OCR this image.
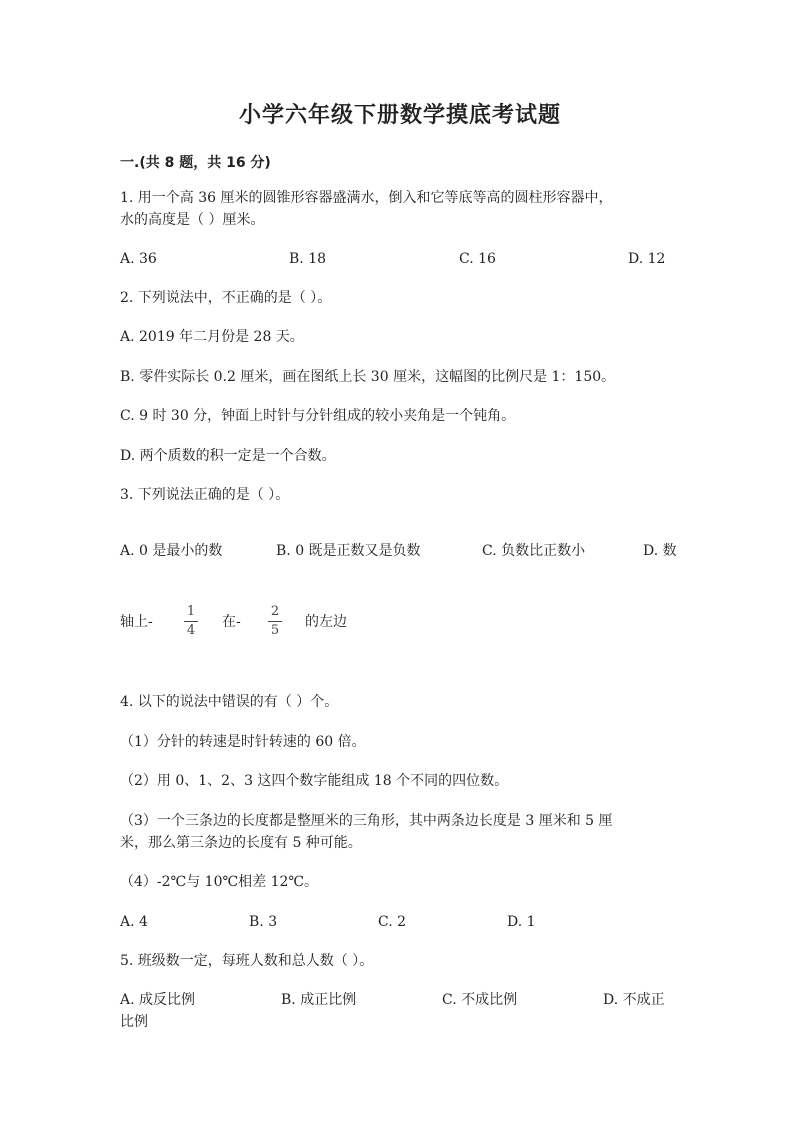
小学六年级下册数学摸底考试题
一.(共 8 题，共 16 分)
1. 用一个高 36 厘米的圆锥形容器盛满水，倒入和它等底等高的圆柱形容器中，
水的高度是（ ）厘米。
A. 36	B. 18	C. 16	D. 12
2. 下列说法中，不正确的是（ ）。
A. 2019 年二月份是 28 天。
B. 零件实际长 0.2 厘米，画在图纸上长 30 厘米，这幅图的比例尺是 1：150。
C. 9 时 30 分，钟面上时针与分针组成的较小夹角是一个钝角。
D. 两个质数的积一定是一个合数。
3. 下列说法正确的是（ ）。
A. 0 是最小的数	B. 0 既是正数又是负数	C. 负数比正数小	D. 数
轴上-
1
4
在-
2
5
的左边
4. 以下的说法中错误的有（ ）个。
（1）分针的转速是时针转速的 60 倍。
（2）用 0、1、2、3 这四个数字能组成 18 个不同的四位数。
（3）一个三条边的长度都是整厘米的三角形，其中两条边长度是 3 厘米和 5 厘
米，那么第三条边的长度有 5 种可能。
（4）-2℃与 10℃相差 12℃。
A. 4	B. 3	C. 2	D. 1
5. 班级数一定，每班人数和总人数（ ）。
A. 成反比例	B. 成正比例	C. 不成比例	D. 不成正
比例
